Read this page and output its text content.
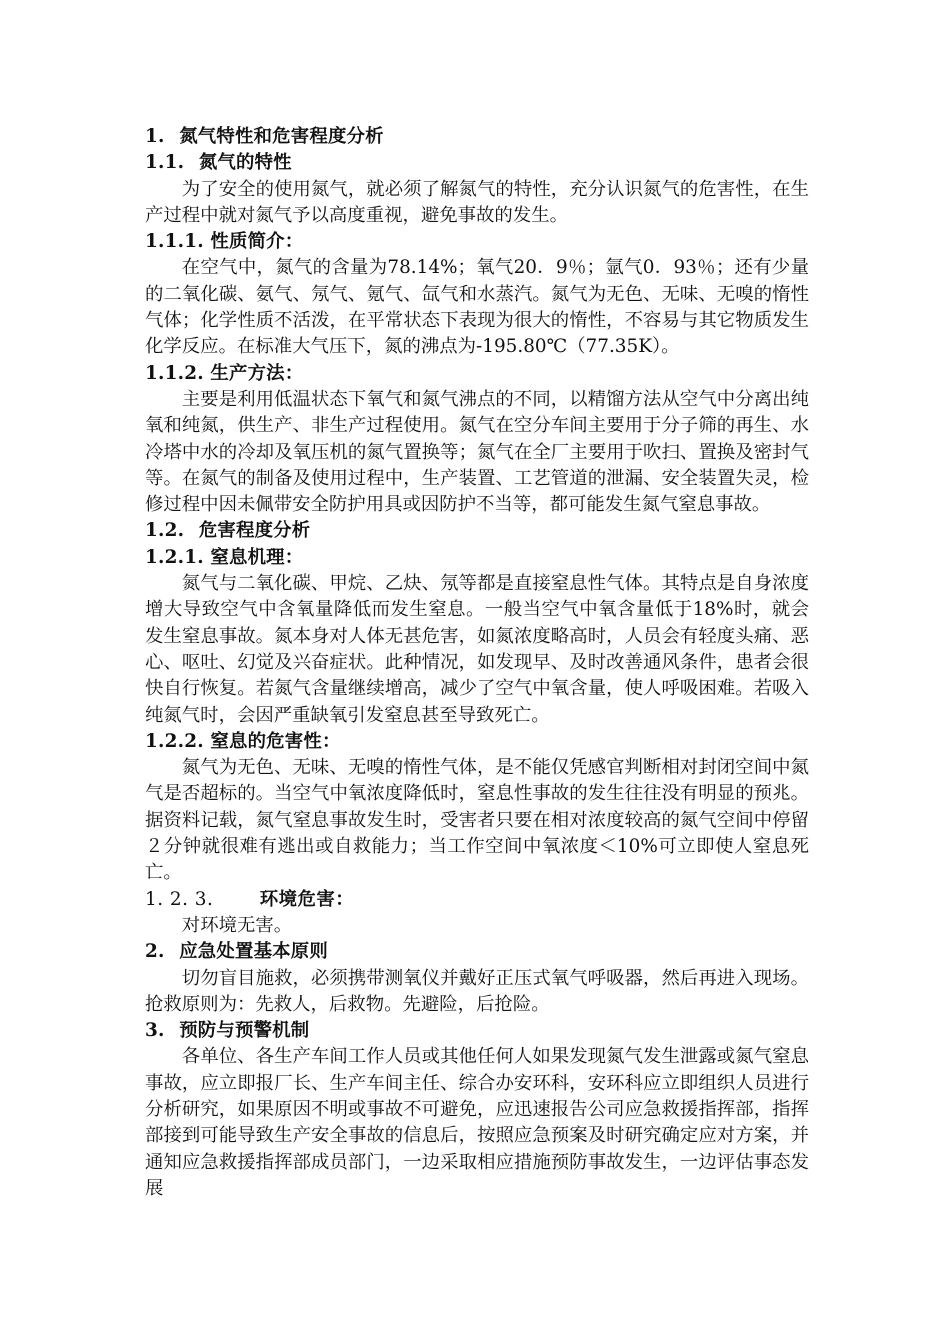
1. 氮气特性和危害程度分析
1.1. 氮气的特性

为了安全的使用氮气，就必须了解氮气的特性，充分认识氮气的危害性，在生产过程中就对氮气予以高度重视，避免事故的发生。

1.1.1. 性质简介：

在空气中，氮气的含量为78.14%；氧气20．9％；氩气0．93％；还有少量的二氧化碳、氨气、氖气、氪气、氙气和水蒸汽。氮气为无色、无味、无嗅的惰性气体；化学性质不活泼，在平常状态下表现为很大的惰性，不容易与其它物质发生化学反应。在标准大气压下，氮的沸点为-195.80℃（77.35K）。

1.1.2. 生产方法：

主要是利用低温状态下氧气和氮气沸点的不同，以精馏方法从空气中分离出纯氧和纯氮，供生产、非生产过程使用。氮气在空分车间主要用于分子筛的再生、水冷塔中水的冷却及氧压机的氮气置换等；氮气在全厂主要用于吹扫、置换及密封气等。在氮气的制备及使用过程中，生产装置、工艺管道的泄漏、安全装置失灵，检修过程中因未佩带安全防护用具或因防护不当等，都可能发生氮气窒息事故。

1.2. 危害程度分析
1.2.1. 窒息机理：

氮气与二氧化碳、甲烷、乙炔、氖等都是直接窒息性气体。其特点是自身浓度增大导致空气中含氧量降低而发生窒息。一般当空气中氧含量低于18%时，就会发生窒息事故。氮本身对人体无甚危害，如氮浓度略高时，人员会有轻度头痛、恶心、呕吐、幻觉及兴奋症状。此种情况，如发现早、及时改善通风条件，患者会很快自行恢复。若氮气含量继续增高，减少了空气中氧含量，使人呼吸困难。若吸入纯氮气时，会因严重缺氧引发窒息甚至导致死亡。

1.2.2. 窒息的危害性：

氮气为无色、无味、无嗅的惰性气体，是不能仅凭感官判断相对封闭空间中氮气是否超标的。当空气中氧浓度降低时，窒息性事故的发生往往没有明显的预兆。据资料记载，氮气窒息事故发生时，受害者只要在相对浓度较高的氮气空间中停留２分钟就很难有逃出或自救能力；当工作空间中氧浓度＜10%可立即使人窒息死亡。

1. 2. 3.	环境危害：

对环境无害。

2. 应急处置基本原则

切勿盲目施救，必须携带测氧仪并戴好正压式氧气呼吸器，然后再进入现场。抢救原则为：先救人，后救物。先避险，后抢险。

3. 预防与预警机制

各单位、各生产车间工作人员或其他任何人如果发现氮气发生泄露或氮气窒息事故，应立即报厂长、生产车间主任、综合办安环科，安环科应立即组织人员进行分析研究，如果原因不明或事故不可避免，应迅速报告公司应急救援指挥部，指挥部接到可能导致生产安全事故的信息后，按照应急预案及时研究确定应对方案，并通知应急救援指挥部成员部门，一边采取相应措施预防事故发生，一边评估事态发展
